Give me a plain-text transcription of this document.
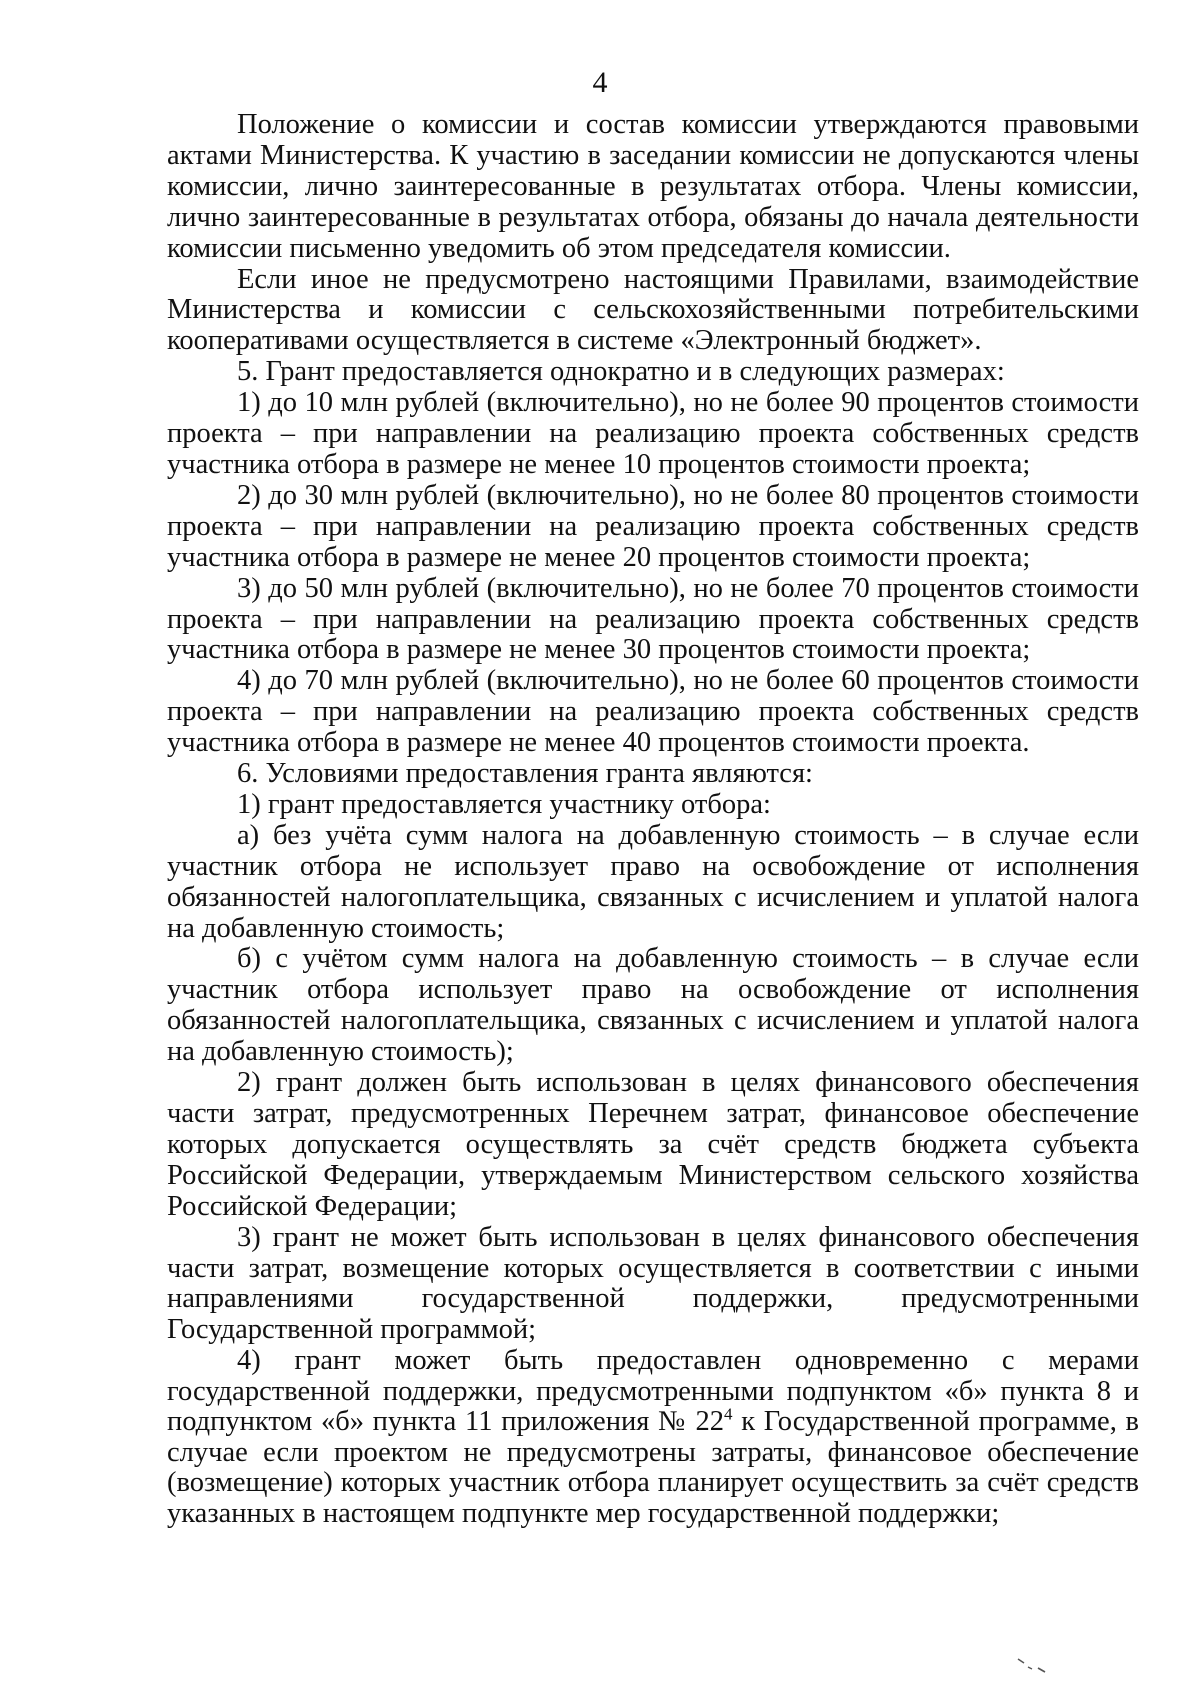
4

Положение о комиссии и состав комиссии утверждаются правовыми актами Министерства. К участию в заседании комиссии не допускаются члены комиссии, лично заинтересованные в результатах отбора. Члены комиссии, лично заинтересованные в результатах отбора, обязаны до начала деятельности комиссии письменно уведомить об этом председателя комиссии.

Если иное не предусмотрено настоящими Правилами, взаимодействие Министерства и комиссии с сельскохозяйственными потребительскими кооперативами осуществляется в системе «Электронный бюджет».

5. Грант предоставляется однократно и в следующих размерах:

1) до 10 млн рублей (включительно), но не более 90 процентов стоимости проекта – при направлении на реализацию проекта собственных средств участника отбора в размере не менее 10 процентов стоимости проекта;

2) до 30 млн рублей (включительно), но не более 80 процентов стоимости проекта – при направлении на реализацию проекта собственных средств участника отбора в размере не менее 20 процентов стоимости проекта;

3) до 50 млн рублей (включительно), но не более 70 процентов стоимости проекта – при направлении на реализацию проекта собственных средств участника отбора в размере не менее 30 процентов стоимости проекта;

4) до 70 млн рублей (включительно), но не более 60 процентов стоимости проекта – при направлении на реализацию проекта собственных средств участника отбора в размере не менее 40 процентов стоимости проекта.

6. Условиями предоставления гранта являются:

1) грант предоставляется участнику отбора:

а) без учёта сумм налога на добавленную стоимость – в случае если участник отбора не использует право на освобождение от исполнения обязанностей налогоплательщика, связанных с исчислением и уплатой налога на добавленную стоимость;

б) с учётом сумм налога на добавленную стоимость – в случае если участник отбора использует право на освобождение от исполнения обязанностей налогоплательщика, связанных с исчислением и уплатой налога на добавленную стоимость);

2) грант должен быть использован в целях финансового обеспечения части затрат, предусмотренных Перечнем затрат, финансовое обеспечение которых допускается осуществлять за счёт средств бюджета субъекта Российской Федерации, утверждаемым Министерством сельского хозяйства Российской Федерации;

3) грант не может быть использован в целях финансового обеспечения части затрат, возмещение которых осуществляется в соответствии с иными направлениями государственной поддержки, предусмотренными Государственной программой;

4) грант может быть предоставлен одновременно с мерами государственной поддержки, предусмотренными подпунктом «б» пункта 8 и подпунктом «б» пункта 11 приложения № $22^4$ к Государственной программе, в случае если проектом не предусмотрены затраты, финансовое обеспечение (возмещение) которых участник отбора планирует осуществить за счёт средств указанных в настоящем подпункте мер государственной поддержки;
